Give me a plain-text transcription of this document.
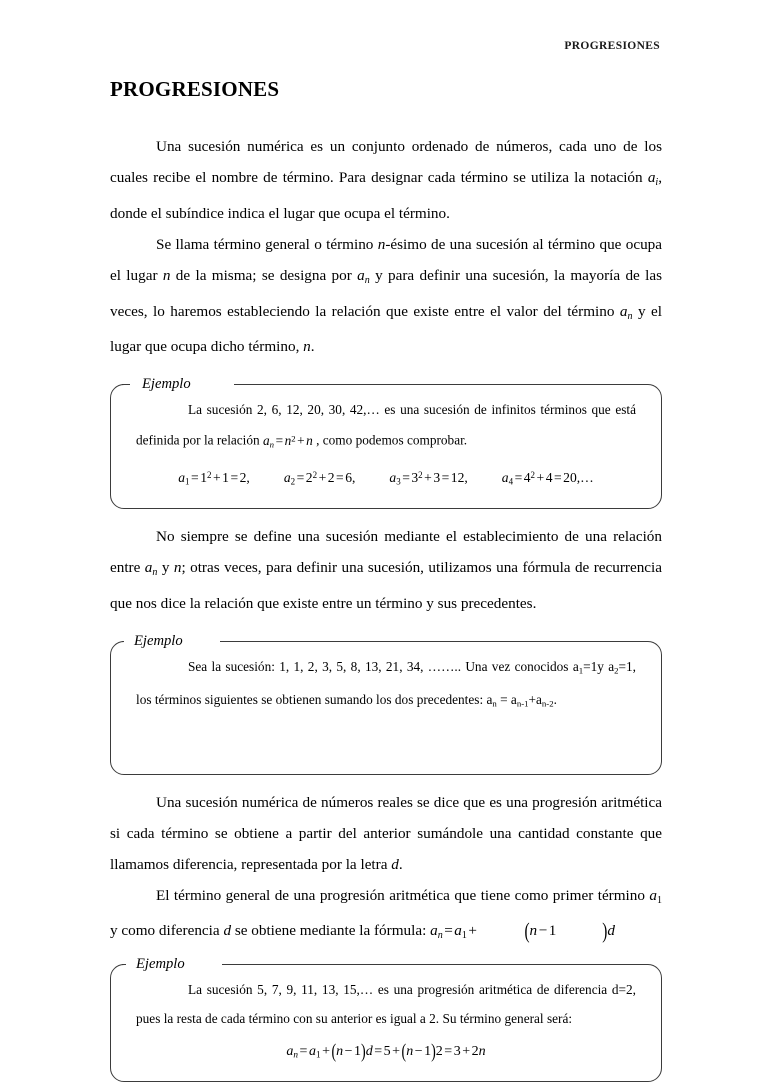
PROGRESIONES
PROGRESIONES

Una sucesión numérica es un conjunto ordenado de números, cada uno de los cuales recibe el nombre de término. Para designar cada término se utiliza la notación $a_i$, donde el subíndice indica el lugar que ocupa el término.

Se llama término general o término n-ésimo de una sucesión al término que ocupa el lugar n de la misma; se designa por $a_n$ y para definir una sucesión, la mayoría de las veces, lo haremos estableciendo la relación que existe entre el valor del término $a_n$ y el lugar que ocupa dicho término, n.

Ejemplo

La sucesión 2, 6, 12, 20, 30, 42,… es una sucesión de infinitos términos que está definida por la relación $a_n = n^2 + n$ , como podemos comprobar.

$a_1 = 1^2 + 1 = 2$,	$a_2 = 2^2 + 2 = 6$,	$a_3 = 3^2 + 3 = 12$,	$a_4 = 4^2 + 4$ = 20,…

No siempre se define una sucesión mediante el establecimiento de una relación entre $a_n$ y n; otras veces, para definir una sucesión, utilizamos una fórmula de recurrencia que nos dice la relación que existe entre un término y sus precedentes.

Ejemplo

Sea la sucesión: 1, 1, 2, 3, 5, 8, 13, 21, 34, …….. Una vez conocidos $a_1=1y$ $a_2=1$, los términos siguientes se obtienen sumando los dos precedentes: $a_n = a_{n-1}+a_{n-2}$.

Una sucesión numérica de números reales se dice que es una progresión aritmética si cada término se obtiene a partir del anterior sumándole una cantidad constante que llamamos diferencia, representada por la letra d.

El término general de una progresión aritmética que tiene como primer término $a_1$ y como diferencia d se obtiene mediante la fórmula: $a_n=a_1+$	(n−1	)d

Ejemplo

La sucesión 5, 7, 9, 11, 13, 15,… es una progresión aritmética de diferencia d=2, pues la resta de cada término con su anterior es igual a 2. Su término general será:

$a_n = a_1 + (n - 1)d = 5 + (n - 1)2 = 3 + 2n$
